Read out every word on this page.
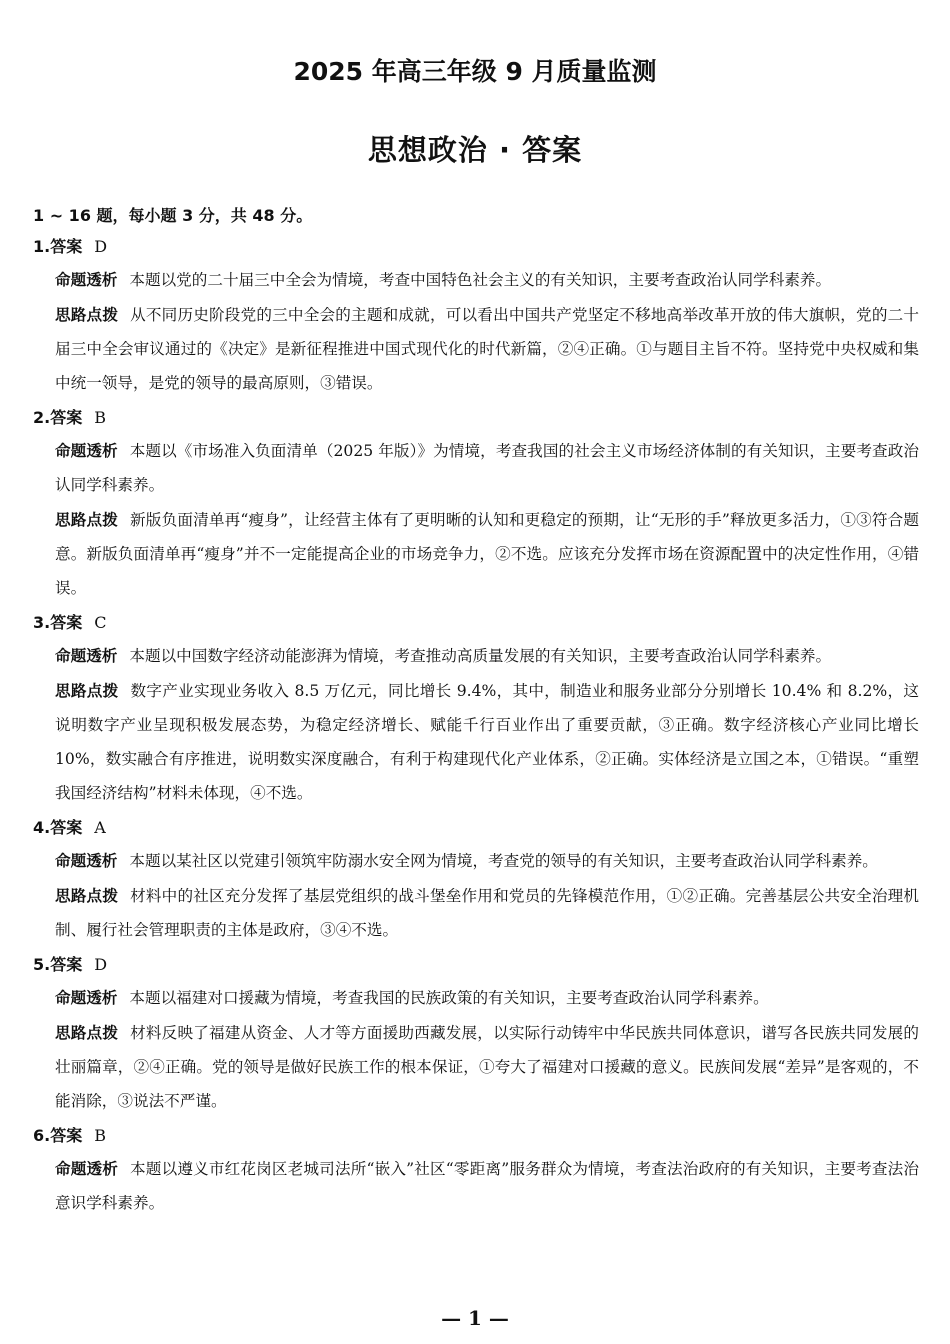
2025 年高三年级 9 月质量监测
思想政治 · 答案
1 ~ 16 题，每小题 3 分，共 48 分。
1.答案 D

命题透析 本题以党的二十届三中全会为情境，考查中国特色社会主义的有关知识，主要考查政治认同学科素养。

思路点拨 从不同历史阶段党的三中全会的主题和成就，可以看出中国共产党坚定不移地高举改革开放的伟大旗帜，党的二十届三中全会审议通过的《决定》是新征程推进中国式现代化的时代新篇，②④正确。①与题目主旨不符。坚持党中央权威和集中统一领导，是党的领导的最高原则，③错误。

2.答案 B

命题透析 本题以《市场准入负面清单（2025 年版）》为情境，考查我国的社会主义市场经济体制的有关知识，主要考查政治认同学科素养。

思路点拨 新版负面清单再“瘦身”，让经营主体有了更明晰的认知和更稳定的预期，让“无形的手”释放更多活力，①③符合题意。新版负面清单再“瘦身”并不一定能提高企业的市场竞争力，②不选。应该充分发挥市场在资源配置中的决定性作用，④错误。

3.答案 C

命题透析 本题以中国数字经济动能澎湃为情境，考查推动高质量发展的有关知识，主要考查政治认同学科素养。

思路点拨 数字产业实现业务收入 8.5 万亿元，同比增长 9.4%，其中，制造业和服务业部分分别增长 10.4% 和 8.2%，这说明数字产业呈现积极发展态势，为稳定经济增长、赋能千行百业作出了重要贡献，③正确。数字经济核心产业同比增长 10%，数实融合有序推进，说明数实深度融合，有利于构建现代化产业体系，②正确。实体经济是立国之本，①错误。“重塑我国经济结构”材料未体现，④不选。

4.答案 A

命题透析 本题以某社区以党建引领筑牢防溺水安全网为情境，考查党的领导的有关知识，主要考查政治认同学科素养。

思路点拨 材料中的社区充分发挥了基层党组织的战斗堡垒作用和党员的先锋模范作用，①②正确。完善基层公共安全治理机制、履行社会管理职责的主体是政府，③④不选。

5.答案 D

命题透析 本题以福建对口援藏为情境，考查我国的民族政策的有关知识，主要考查政治认同学科素养。

思路点拨 材料反映了福建从资金、人才等方面援助西藏发展，以实际行动铸牢中华民族共同体意识，谱写各民族共同发展的壮丽篇章，②④正确。党的领导是做好民族工作的根本保证，①夸大了福建对口援藏的意义。民族间发展“差异”是客观的，不能消除，③说法不严谨。

6.答案 B

命题透析 本题以遵义市红花岗区老城司法所“嵌入”社区“零距离”服务群众为情境，考查法治政府的有关知识，主要考查法治意识学科素养。

— 1 —
